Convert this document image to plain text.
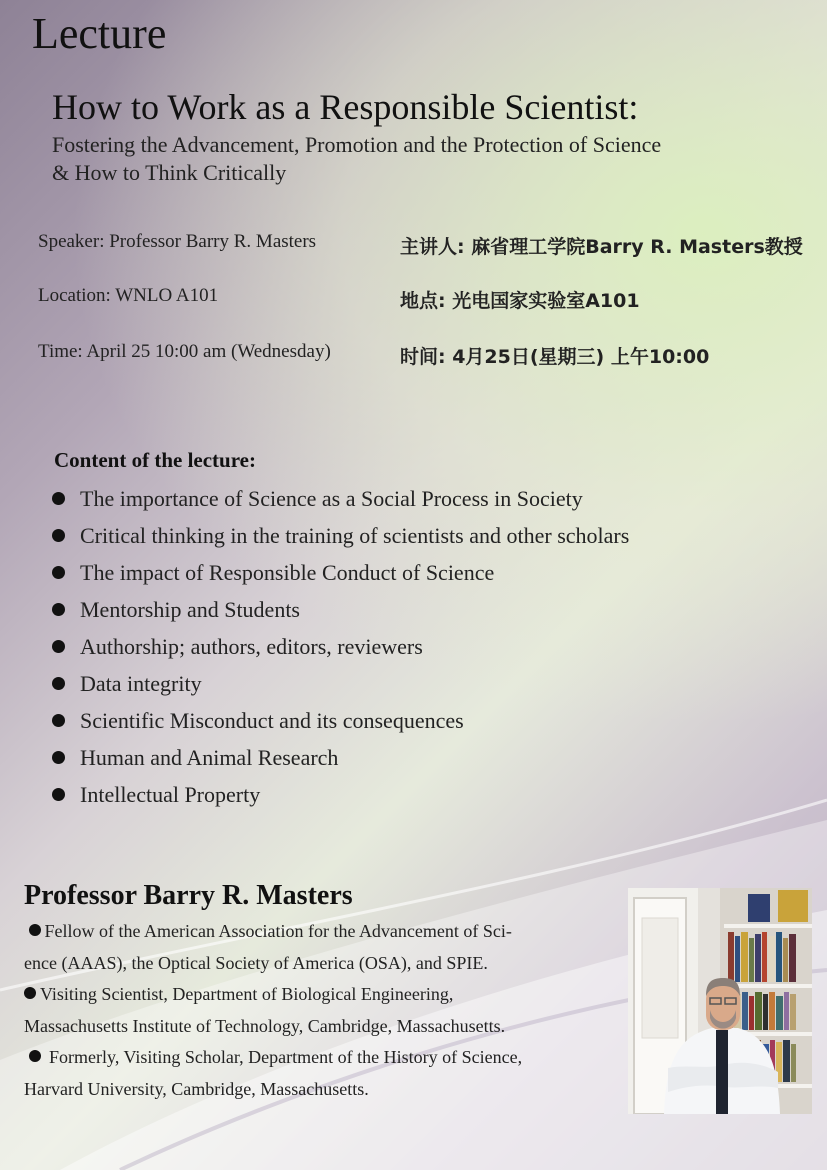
Lecture
How to Work as a Responsible Scientist:
Fostering the Advancement, Promotion and the Protection of Science
& How to Think Critically
Speaker: Professor Barry R. Masters	主讲人: 麻省理工学院Barry R. Masters教授
Location: WNLO A101	地点: 光电国家实验室A101
Time: April 25 10:00 am (Wednesday)	时间: 4月25日(星期三) 上午10:00
Content of the lecture:
The importance of Science as a Social Process in Society
Critical thinking in the training of scientists and other scholars
The impact of Responsible Conduct of Science
Mentorship and Students
Authorship; authors, editors, reviewers
Data integrity
Scientific Misconduct and its consequences
Human and Animal Research
Intellectual Property
Professor Barry R. Masters
Fellow of the American Association for the Advancement of Sci-
ence (AAAS), the Optical Society of America (OSA), and SPIE.
Visiting Scientist, Department of Biological Engineering,
Massachusetts Institute of Technology, Cambridge, Massachusetts.
Formerly, Visiting Scholar, Department of the History of Science,
Harvard University, Cambridge, Massachusetts.
